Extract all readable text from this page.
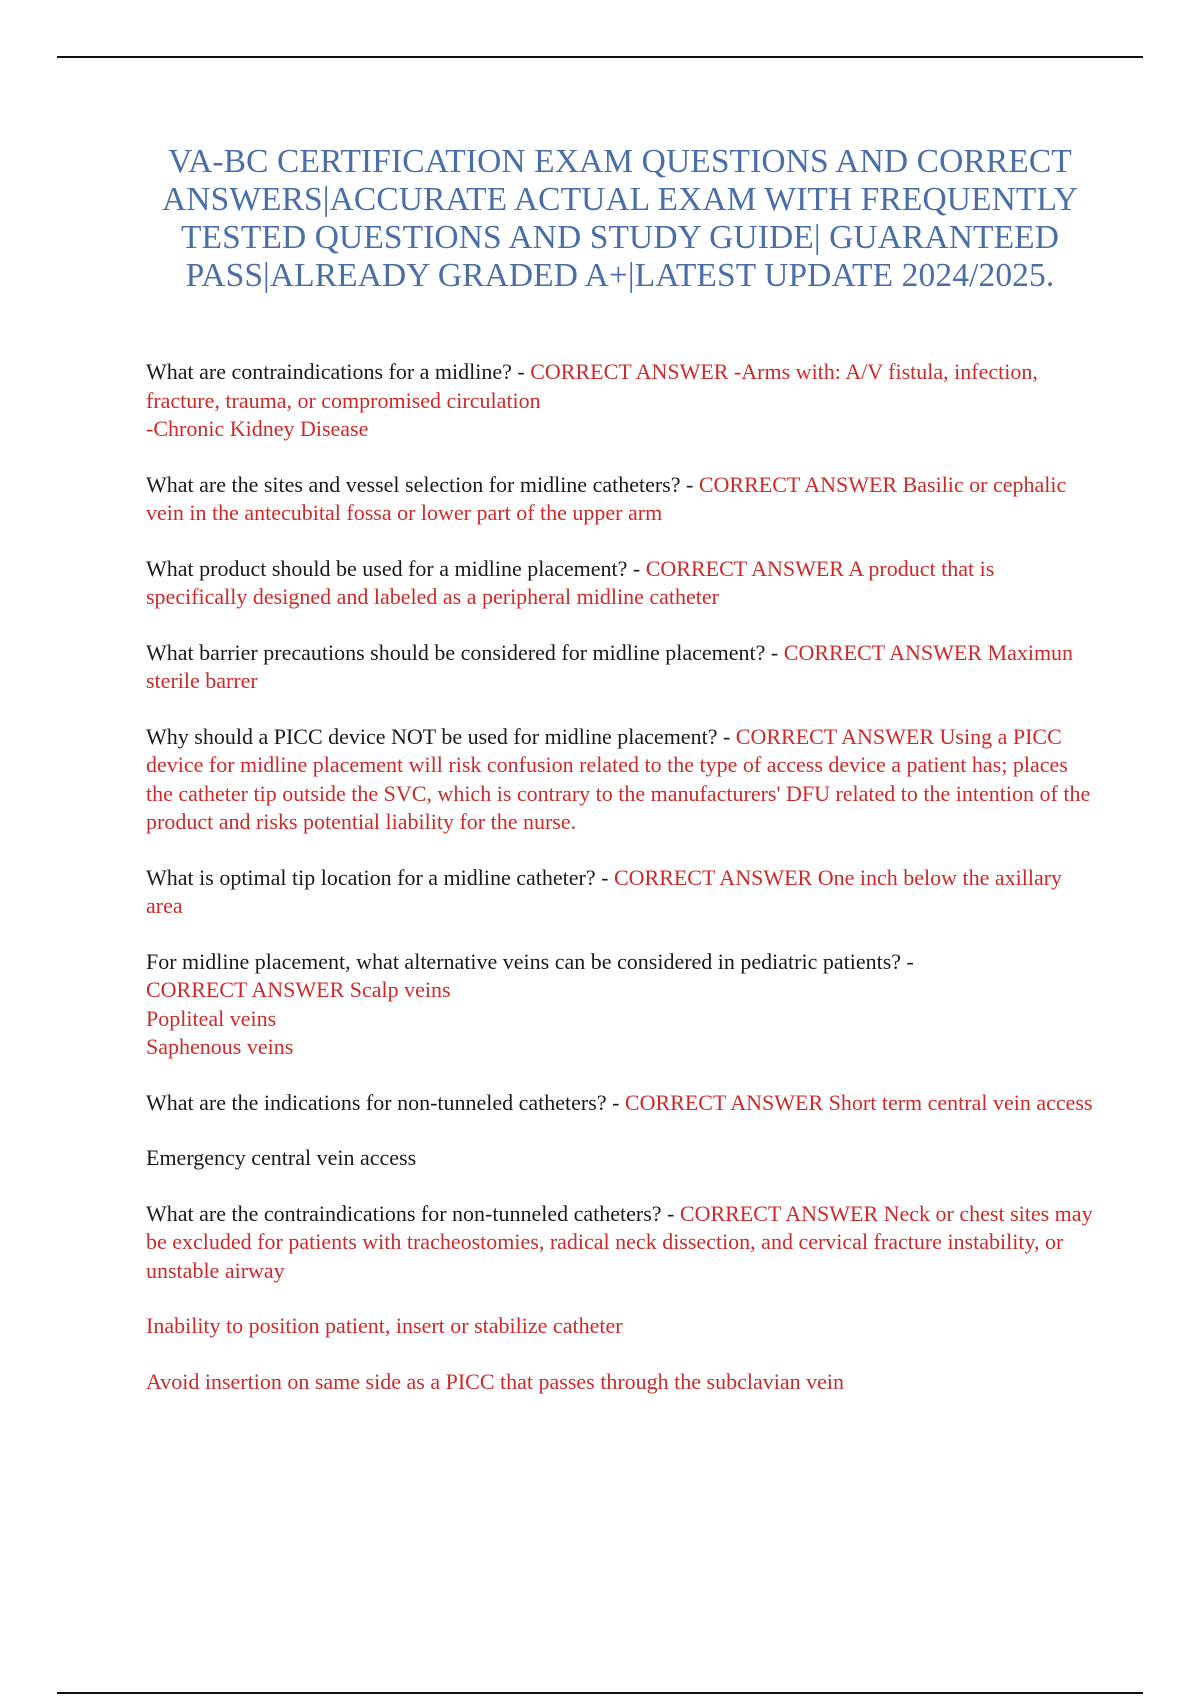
VA-BC CERTIFICATION EXAM QUESTIONS AND CORRECT ANSWERS|ACCURATE ACTUAL EXAM WITH FREQUENTLY TESTED QUESTIONS AND STUDY GUIDE| GUARANTEED PASS|ALREADY GRADED A+|LATEST UPDATE 2024/2025.

What are contraindications for a midline? - CORRECT ANSWER -Arms with: A/V fistula, infection, fracture, trauma, or compromised circulation
-Chronic Kidney Disease

What are the sites and vessel selection for midline catheters? - CORRECT ANSWER Basilic or cephalic vein in the antecubital fossa or lower part of the upper arm

What product should be used for a midline placement? - CORRECT ANSWER A product that is specifically designed and labeled as a peripheral midline catheter

What barrier precautions should be considered for midline placement? - CORRECT ANSWER Maximun sterile barrer

Why should a PICC device NOT be used for midline placement? - CORRECT ANSWER Using a PICC device for midline placement will risk confusion related to the type of access device a patient has; places the catheter tip outside the SVC, which is contrary to the manufacturers' DFU related to the intention of the product and risks potential liability for the nurse.

What is optimal tip location for a midline catheter? - CORRECT ANSWER One inch below the axillary area

For midline placement, what alternative veins can be considered in pediatric patients? -
CORRECT ANSWER Scalp veins
Popliteal veins
Saphenous veins

What are the indications for non-tunneled catheters? - CORRECT ANSWER Short term central vein access

Emergency central vein access

What are the contraindications for non-tunneled catheters? - CORRECT ANSWER Neck or chest sites may be excluded for patients with tracheostomies, radical neck dissection, and cervical fracture instability, or unstable airway

Inability to position patient, insert or stabilize catheter

Avoid insertion on same side as a PICC that passes through the subclavian vein
